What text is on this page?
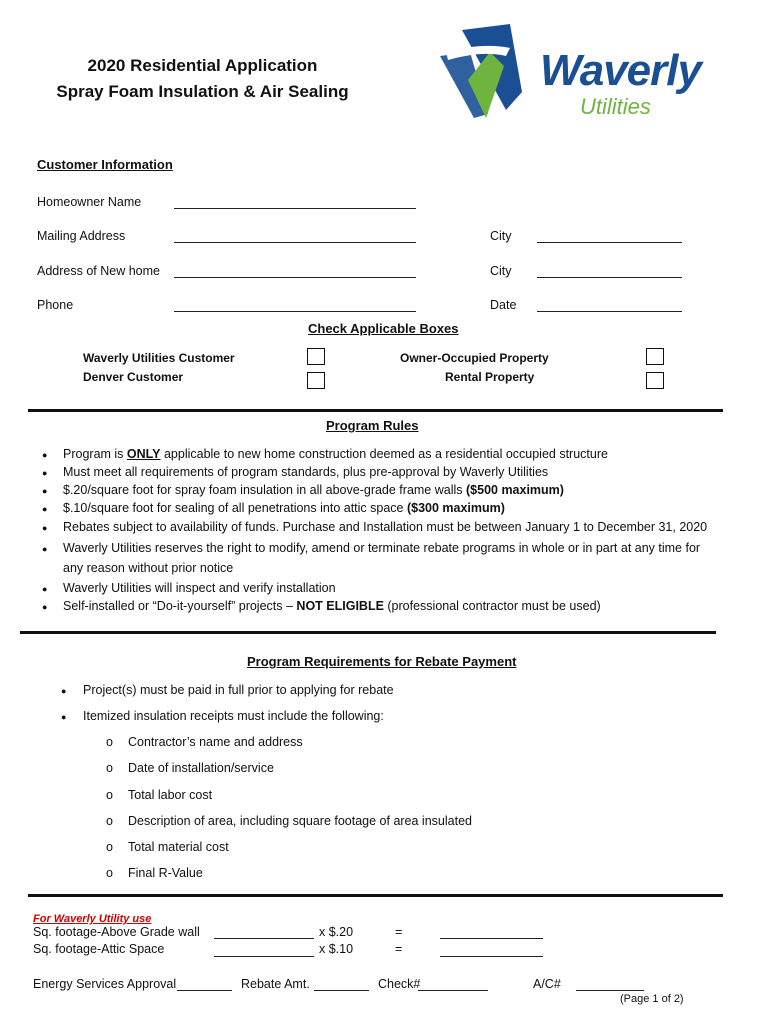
2020 Residential Application
Spray Foam Insulation & Air Sealing	Waverly
Utilities
Customer Information
Homeowner Name
Mailing Address	City
Address of New home	City
Phone	Date
Check Applicable Boxes
Waverly Utilities Customer	Owner-Occupied Property
Denver Customer	Rental Property
Program Rules
● Program is ONLY applicable to new home construction deemed as a residential occupied structure
● Must meet all requirements of program standards, plus pre-approval by Waverly Utilities
● $.20/square foot for spray foam insulation in all above-grade frame walls ($500 maximum)
● $.10/square foot for sealing of all penetrations into attic space ($300 maximum)
● Rebates subject to availability of funds. Purchase and Installation must be between January 1 to December 31, 2020
● Waverly Utilities reserves the right to modify, amend or terminate rebate programs in whole or in part at any time for
any reason without prior notice
● Waverly Utilities will inspect and verify installation
● Self-installed or “Do-it-yourself” projects – NOT ELIGIBLE (professional contractor must be used)
Program Requirements for Rebate Payment
● Project(s) must be paid in full prior to applying for rebate
● Itemized insulation receipts must include the following:
o Contractor’s name and address
o Date of installation/service
o Total labor cost
o Description of area, including square footage of area insulated
o Total material cost
o Final R-Value
For Waverly Utility use
Sq. footage-Above Grade wall	x $.20	=
Sq. footage-Attic Space	x $.10	=
Energy Services Approval	Rebate Amt.	Check#	A/C#
(Page 1 of 2)
